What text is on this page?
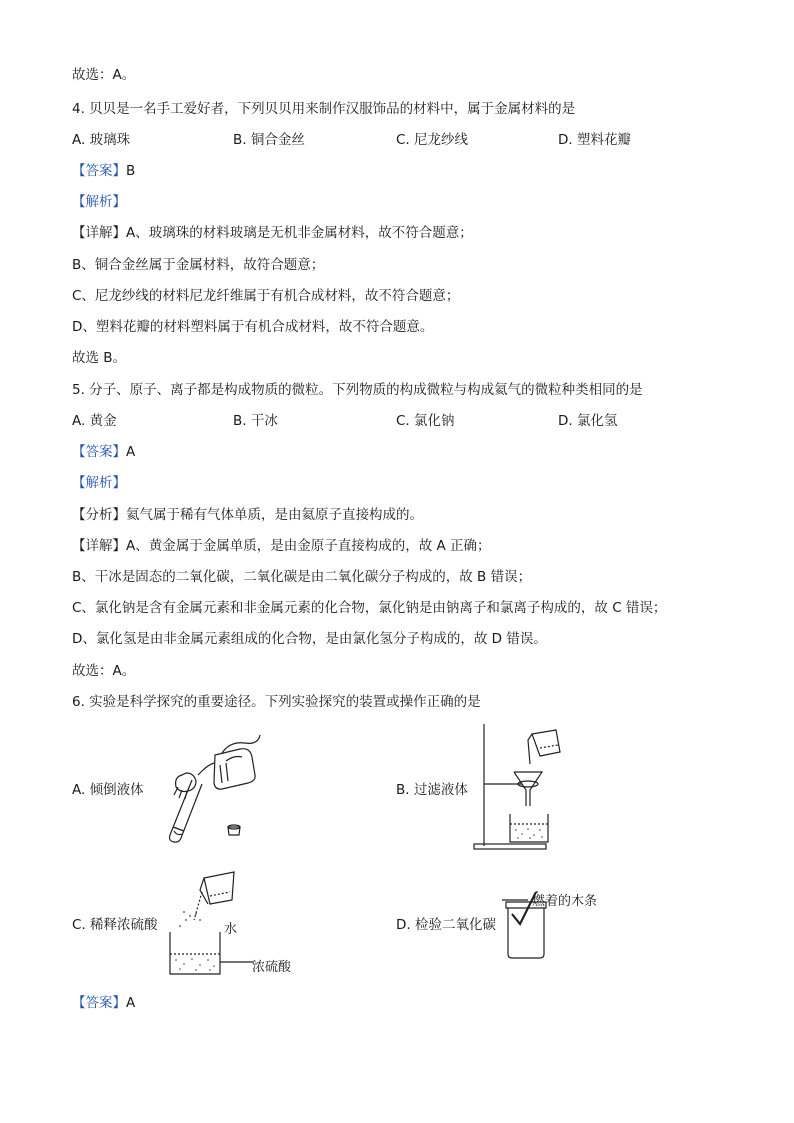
故选：A。
4. 贝贝是一名手工爱好者，下列贝贝用来制作汉服饰品的材料中，属于金属材料的是
A. 玻璃珠	B. 铜合金丝	C. 尼龙纱线	D. 塑料花瓣
【答案】B
【解析】
【详解】A、玻璃珠的材料玻璃是无机非金属材料，故不符合题意；
B、铜合金丝属于金属材料，故符合题意；
C、尼龙纱线的材料尼龙纤维属于有机合成材料，故不符合题意；
D、塑料花瓣的材料塑料属于有机合成材料，故不符合题意。
故选 B。
5. 分子、原子、离子都是构成物质的微粒。下列物质的构成微粒与构成氦气的微粒种类相同的是
A. 黄金	B. 干冰	C. 氯化钠	D. 氯化氢
【答案】A
【解析】
【分析】氦气属于稀有气体单质，是由氦原子直接构成的。
【详解】A、黄金属于金属单质，是由金原子直接构成的，故 A 正确；
B、干冰是固态的二氧化碳，二氧化碳是由二氧化碳分子构成的，故 B 错误；
C、氯化钠是含有金属元素和非金属元素的化合物，氯化钠是由钠离子和氯离子构成的，故 C 错误；
D、氯化氢是由非金属元素组成的化合物，是由氯化氢分子构成的，故 D 错误。
故选：A。
6. 实验是科学探究的重要途径。下列实验探究的装置或操作正确的是
A. 倾倒液体	B. 过滤液体
C. 稀释浓硫酸	水
浓硫酸
D. 检验二氧化碳
燃着的木条
【答案】A
